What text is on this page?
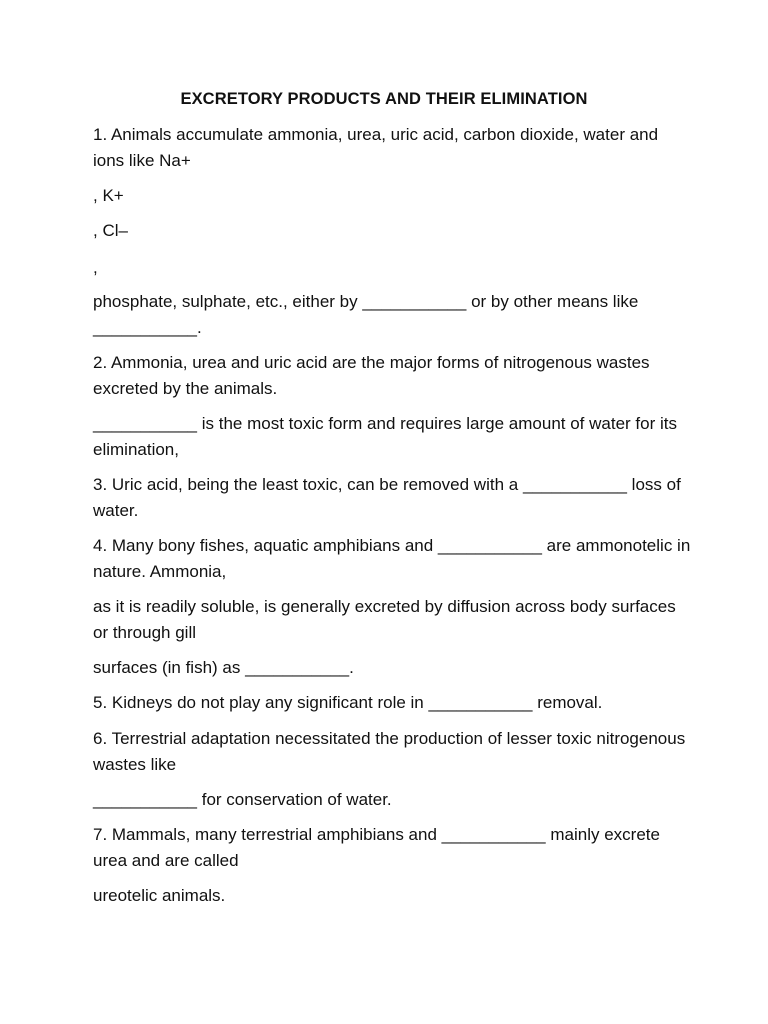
EXCRETORY PRODUCTS AND THEIR ELIMINATION
1. Animals accumulate ammonia, urea, uric acid, carbon dioxide, water and ions like Na+
, K+
, Cl–
,
phosphate, sulphate, etc., either by ___________ or by other means like ___________.
2. Ammonia, urea and uric acid are the major forms of nitrogenous wastes excreted by the animals.
___________ is the most toxic form and requires large amount of water for its elimination,
3. Uric acid, being the least toxic, can be removed with a ___________ loss of water.
4. Many bony fishes, aquatic amphibians and ___________ are ammonotelic in nature. Ammonia,
as it is readily soluble, is generally excreted by diffusion across body surfaces or through gill
surfaces (in fish) as ___________.
5. Kidneys do not play any significant role in ___________ removal.
6. Terrestrial adaptation necessitated the production of lesser toxic nitrogenous wastes like
___________ for conservation of water.
7. Mammals, many terrestrial amphibians and ___________ mainly excrete urea and are called
ureotelic animals.
